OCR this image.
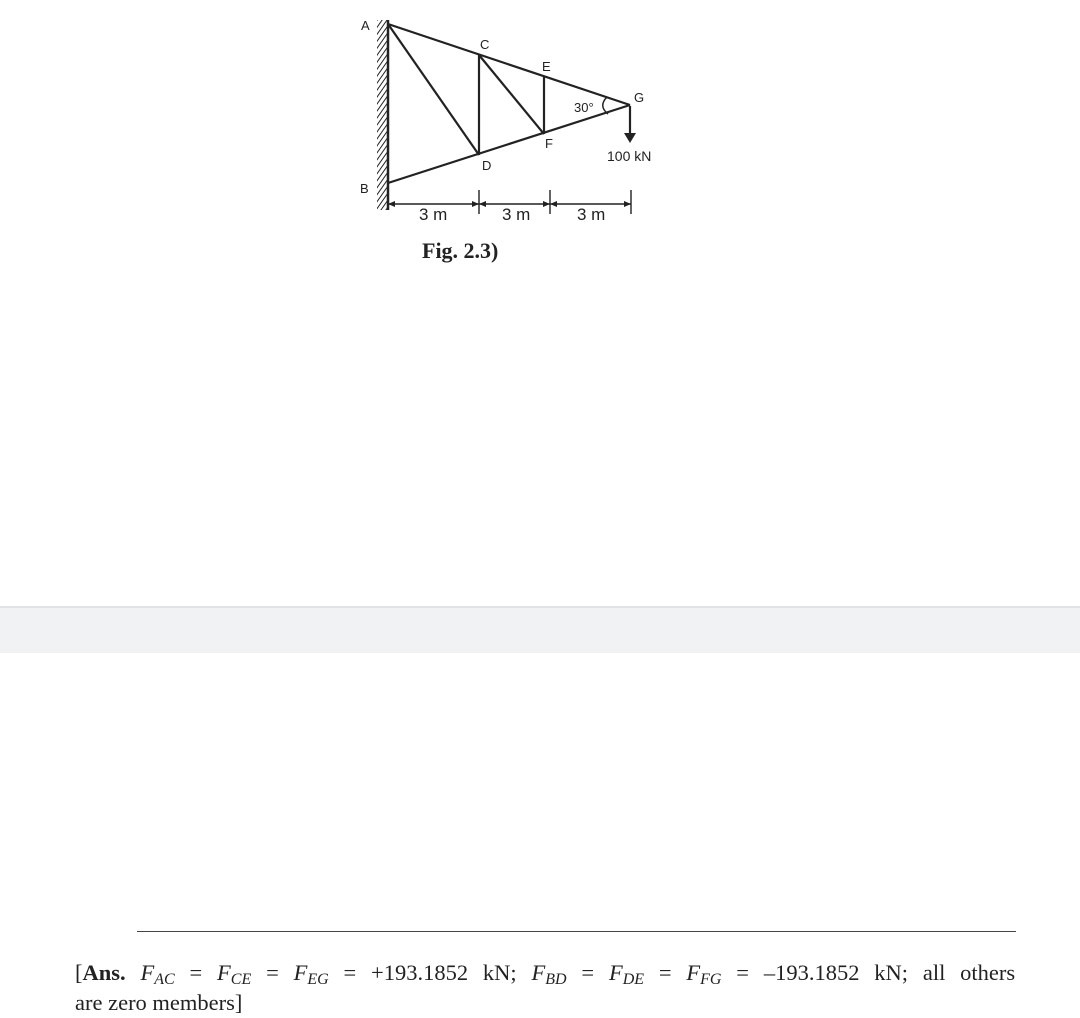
A
B
C
D
E
F
G
30°
100 kN
3 m	3 m	3 m
Fig. 2.3)
[Ans. $F_{AC} = F_{CE} = F_{EG} = +193.1852$ kN; $F_{BD} = F_{DE} = F_{FG} = -193.1852$ kN; all others
are zero members]
